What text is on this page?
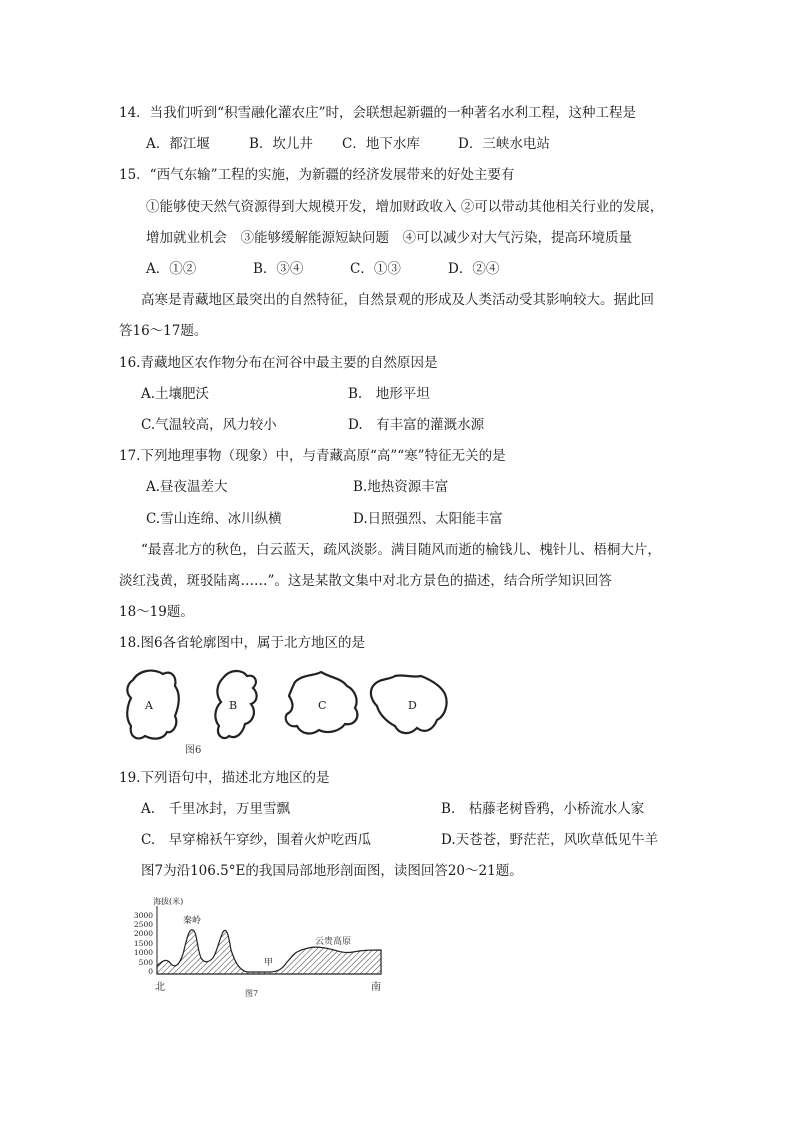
14．当我们听到“积雪融化灌农庄”时，会联想起新疆的一种著名水利工程，这种工程是
A．都江堰	B．坎儿井 C．地下水库	D．三峡水电站
15．“西气东输”工程的实施，为新疆的经济发展带来的好处主要有
①能够使天然气资源得到大规模开发，增加财政收入 ②可以带动其他相关行业的发展，
增加就业机会　③能够缓解能源短缺问题　④可以减少对大气污染，提高环境质量
A．①②	B．③④	C．①③	D．②④
高寒是青藏地区最突出的自然特征，自然景观的形成及人类活动受其影响较大。据此回
答16～17题。
16.青藏地区农作物分布在河谷中最主要的自然原因是
A.土壤肥沃	B.　地形平坦
C.气温较高，风力较小	D.　有丰富的灌溉水源
17.下列地理事物（现象）中，与青藏高原“高”“寒”特征无关的是
A.昼夜温差大	B.地热资源丰富
C.雪山连绵、冰川纵横	D.日照强烈、太阳能丰富
“最喜北方的秋色，白云蓝天，疏风淡影。满目随风而逝的榆钱儿、槐针儿、梧桐大片，
淡红浅黄，斑驳陆离……”。这是某散文集中对北方景色的描述，结合所学知识回答
18～19题。
18.图6各省轮廓图中，属于北方地区的是
A	B	C	D
图6
19.下列语句中，描述北方地区的是
A.　千里冰封，万里雪飘	B.　枯藤老树昏鸦，小桥流水人家
C.　早穿棉袄午穿纱，围着火炉吃西瓜	D.天苍苍，野茫茫，风吹草低见牛羊
图7为沿106.5°E的我国局部地形剖面图，读图回答20～21题。
海拔(米)
3000
2500
2000
1500
1000
500
0
秦岭
云贵高原
甲
北	南
图7
